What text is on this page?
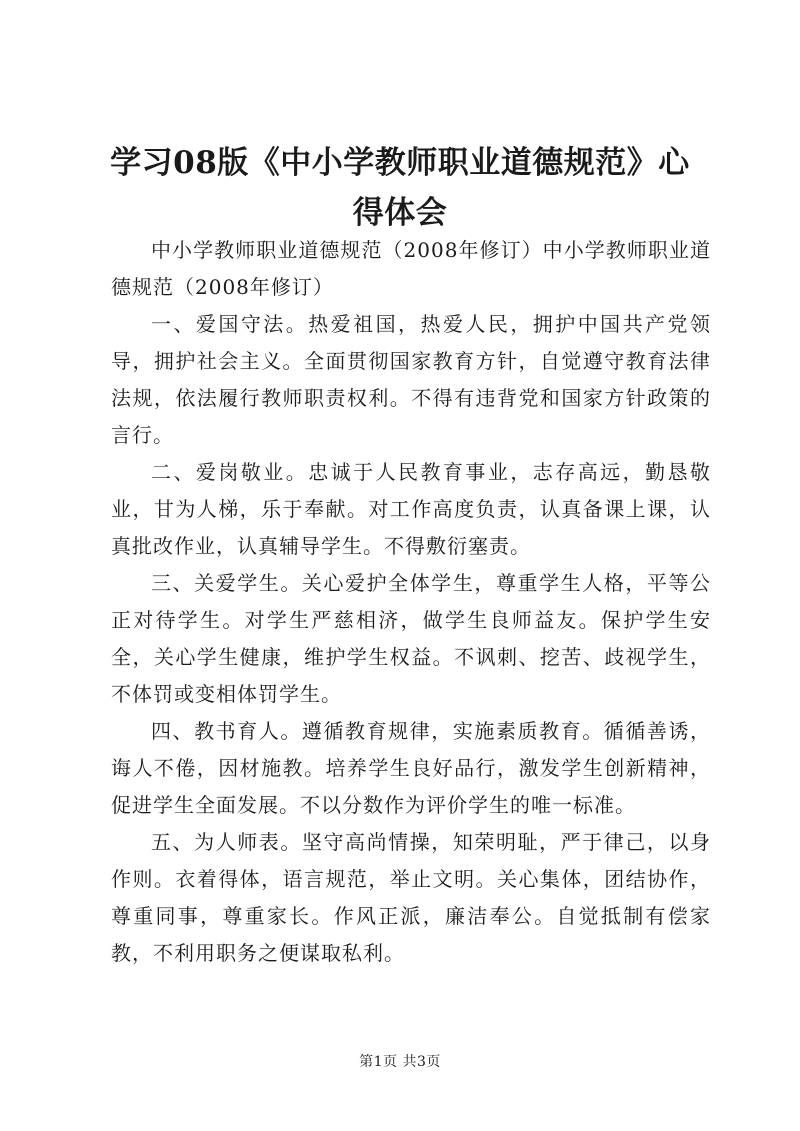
学习08版《中小学教师职业道德规范》心得体会

中小学教师职业道德规范（2008年修订）中小学教师职业道德规范（2008年修订）

一、爱国守法。热爱祖国，热爱人民，拥护中国共产党领导，拥护社会主义。全面贯彻国家教育方针，自觉遵守教育法律法规，依法履行教师职责权利。不得有违背党和国家方针政策的言行。

二、爱岗敬业。忠诚于人民教育事业，志存高远，勤恳敬业，甘为人梯，乐于奉献。对工作高度负责，认真备课上课，认真批改作业，认真辅导学生。不得敷衍塞责。

三、关爱学生。关心爱护全体学生，尊重学生人格，平等公正对待学生。对学生严慈相济，做学生良师益友。保护学生安全，关心学生健康，维护学生权益。不讽刺、挖苦、歧视学生，不体罚或变相体罚学生。

四、教书育人。遵循教育规律，实施素质教育。循循善诱，诲人不倦，因材施教。培养学生良好品行，激发学生创新精神，促进学生全面发展。不以分数作为评价学生的唯一标准。

五、为人师表。坚守高尚情操，知荣明耻，严于律己，以身作则。衣着得体，语言规范，举止文明。关心集体，团结协作，尊重同事，尊重家长。作风正派，廉洁奉公。自觉抵制有偿家教，不利用职务之便谋取私利。

第1页 共3页
